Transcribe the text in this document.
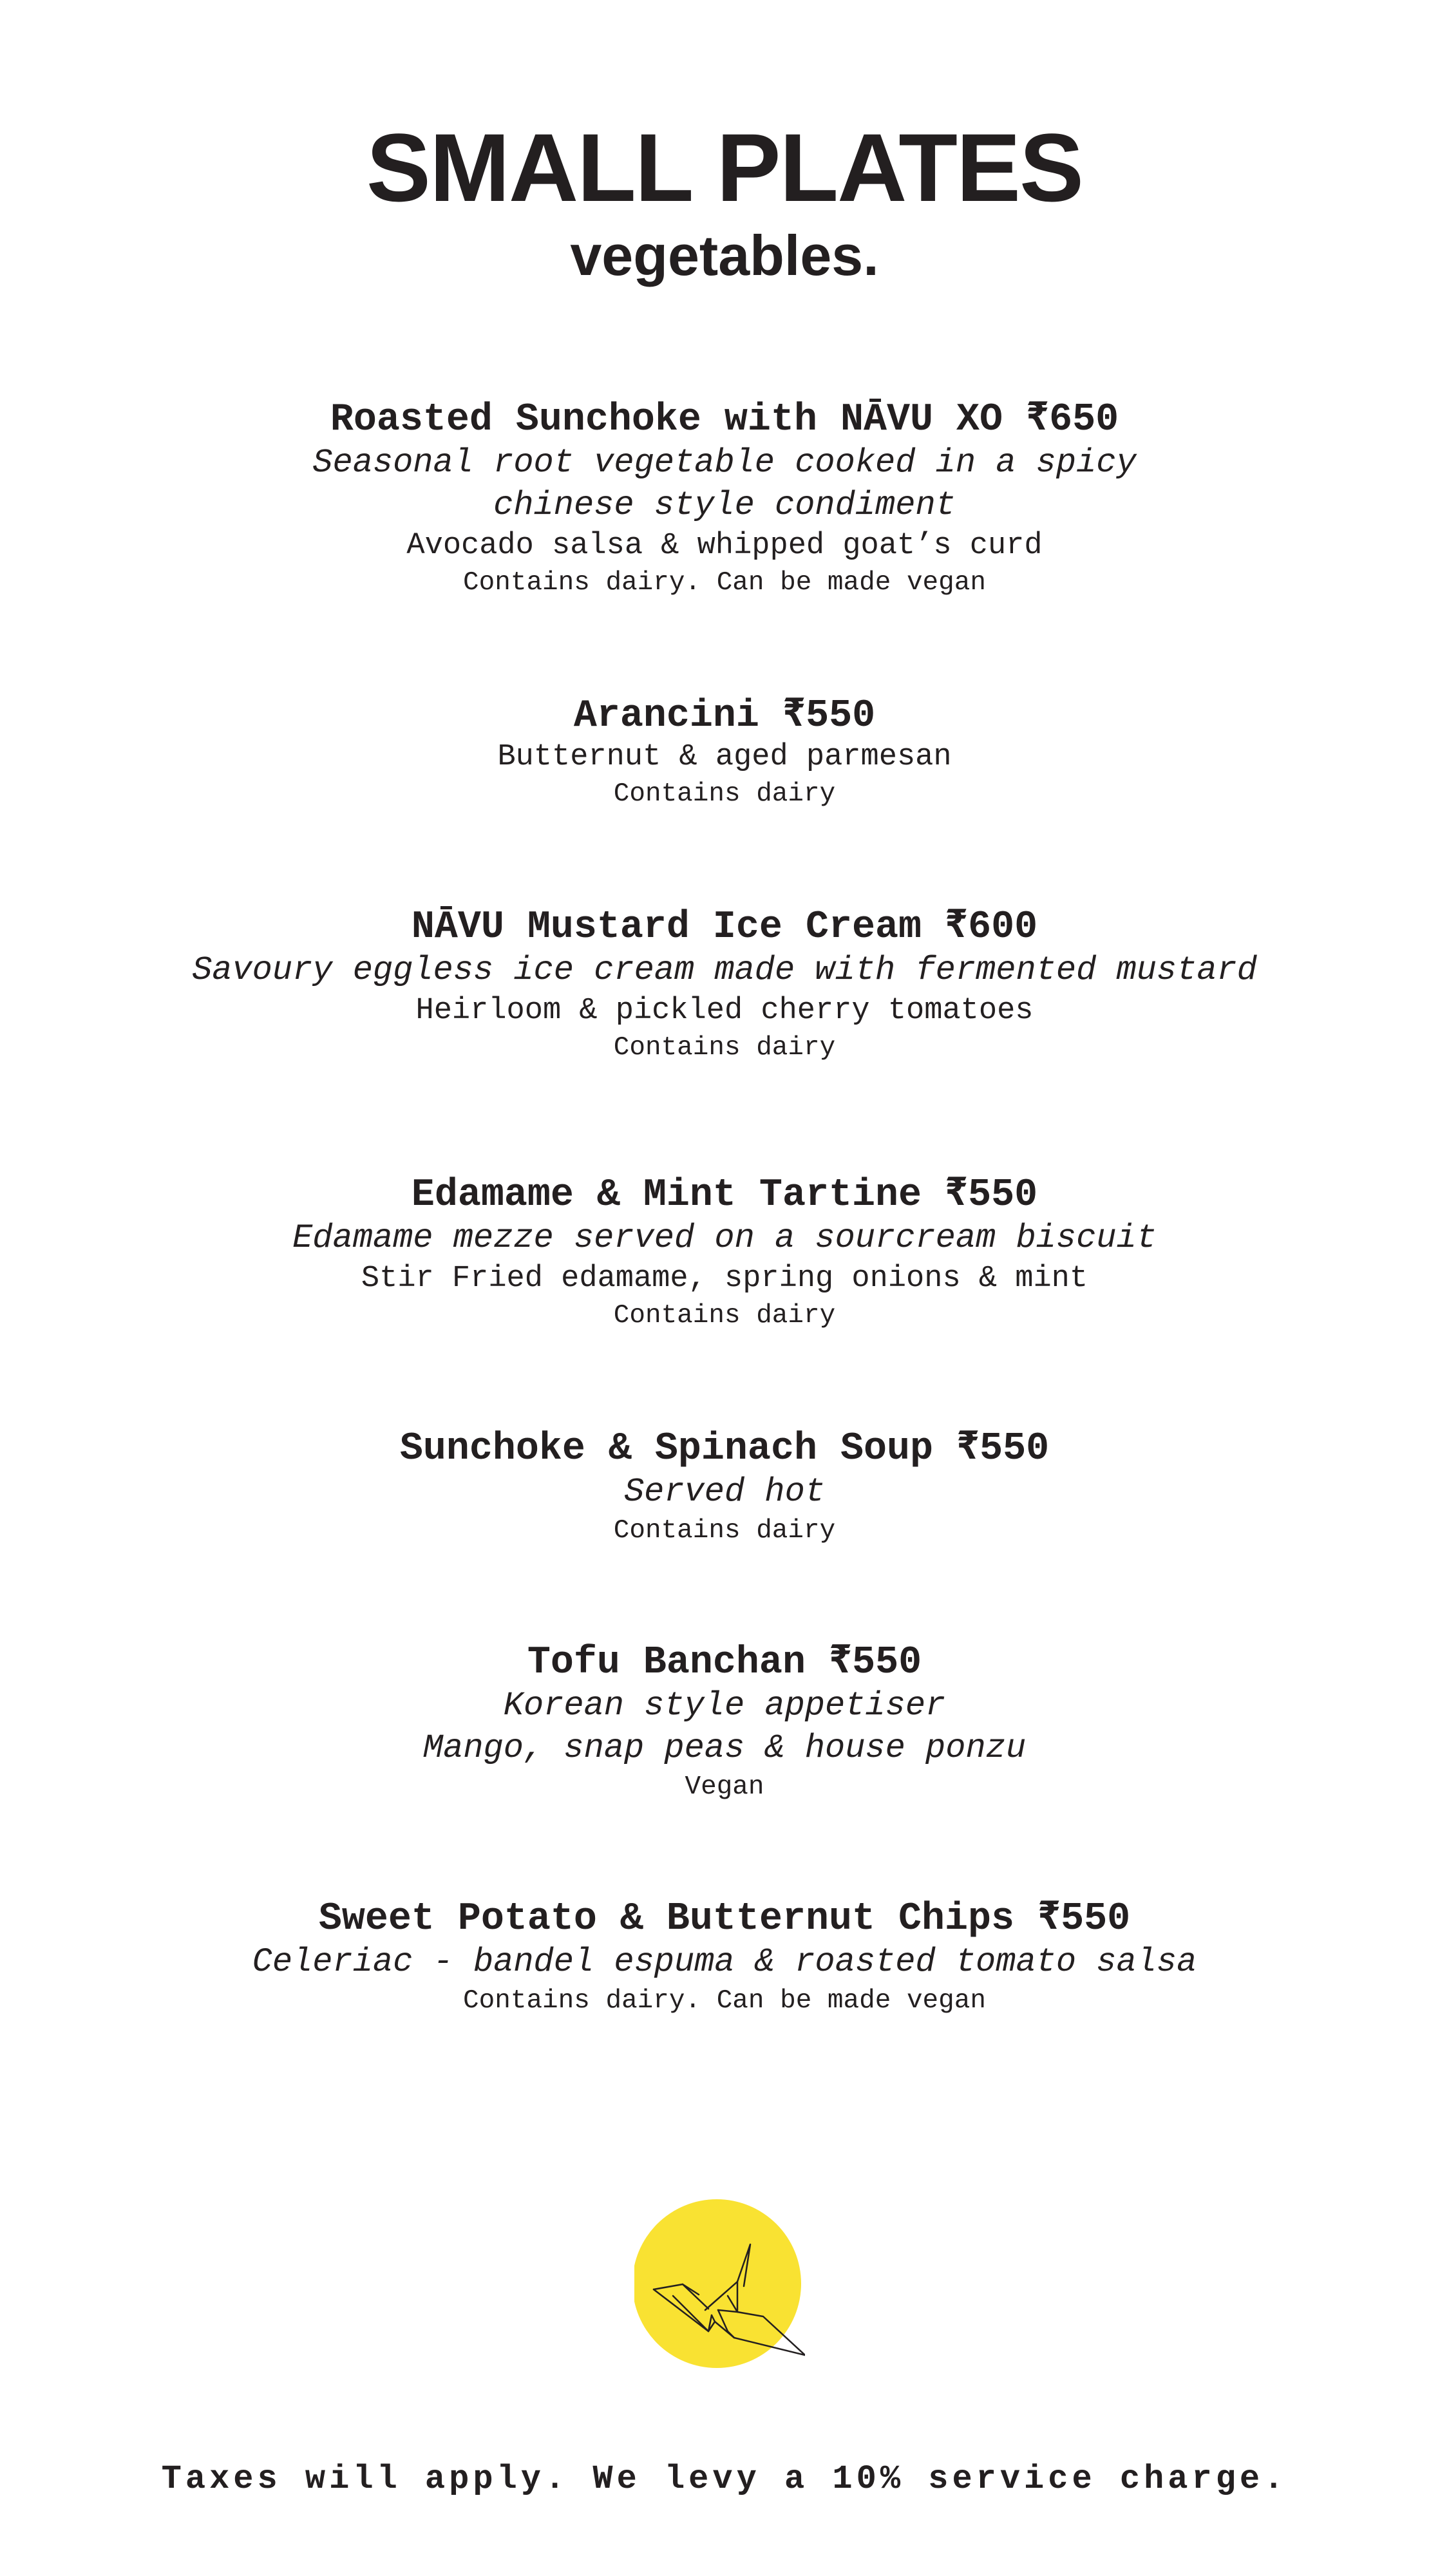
SMALL PLATES
vegetables.
Roasted Sunchoke with NĀVU XO ₹650
Seasonal root vegetable cooked in a spicy
chinese style condiment
Avocado salsa & whipped goat’s curd
Contains dairy. Can be made vegan
Arancini ₹550
Butternut & aged parmesan
Contains dairy
NĀVU Mustard Ice Cream ₹600
Savoury eggless ice cream made with fermented mustard
Heirloom & pickled cherry tomatoes
Contains dairy
Edamame & Mint Tartine ₹550
Edamame mezze served on a sourcream biscuit
Stir Fried edamame, spring onions & mint
Contains dairy
Sunchoke & Spinach Soup ₹550
Served hot
Contains dairy
Tofu Banchan ₹550
Korean style appetiser
Mango, snap peas & house ponzu
Vegan
Sweet Potato & Butternut Chips ₹550
Celeriac - bandel espuma & roasted tomato salsa
Contains dairy. Can be made vegan
Taxes will apply. We levy a 10% service charge.
